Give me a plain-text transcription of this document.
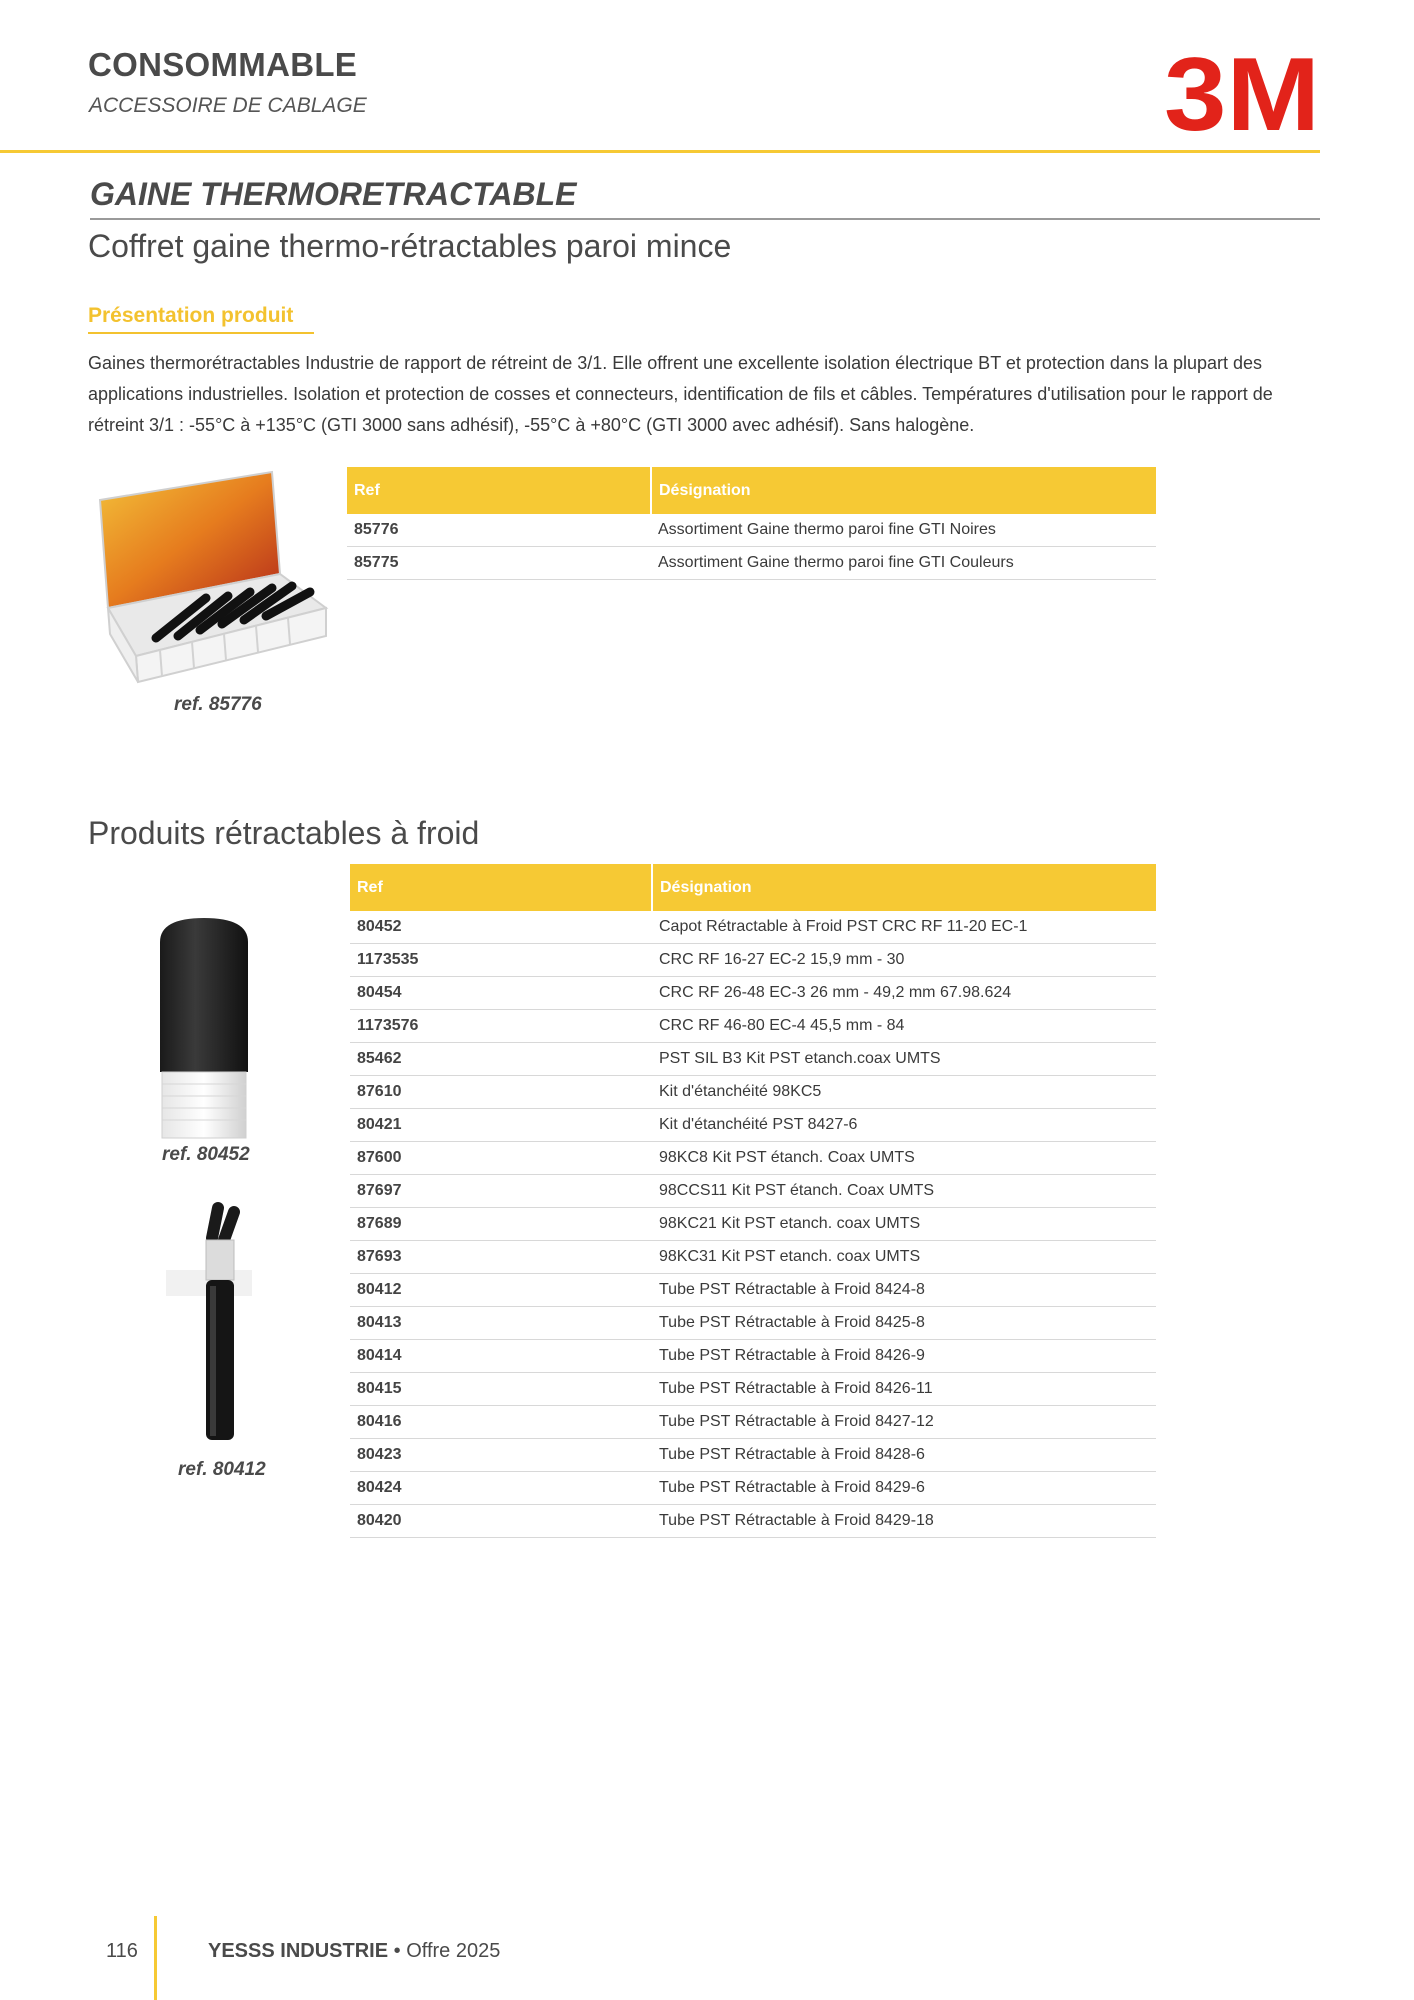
CONSOMMABLE
ACCESSOIRE DE CABLAGE	3M
GAINE THERMORETRACTABLE
Coffret gaine thermo-rétractables paroi mince
Présentation produit
Gaines thermorétractables Industrie de rapport de rétreint de 3/1. Elle offrent une excellente isolation électrique BT et protection dans la plupart des applications industrielles. Isolation et protection de cosses et connecteurs, identification de fils et câbles. Températures d'utilisation pour le rapport de rétreint 3/1 : -55°C à +135°C (GTI 3000 sans adhésif), -55°C à +80°C (GTI 3000 avec adhésif). Sans halogène.
ref. 85776
Ref	Désignation
85776	Assortiment Gaine thermo paroi fine GTI Noires
85775	Assortiment Gaine thermo paroi fine GTI Couleurs
Produits rétractables à froid
ref. 80452
ref. 80412
Ref	Désignation
80452	Capot Rétractable à Froid PST CRC RF 11-20 EC-1
1173535	CRC RF 16-27 EC-2 15,9 mm - 30
80454	CRC RF 26-48 EC-3 26 mm - 49,2 mm 67.98.624
1173576	CRC RF 46-80 EC-4 45,5 mm - 84
85462	PST SIL B3 Kit PST etanch.coax UMTS
87610	Kit d'étanchéité 98KC5
80421	Kit d'étanchéité PST 8427-6
87600	98KC8 Kit PST étanch. Coax UMTS
87697	98CCS11 Kit PST étanch. Coax UMTS
87689	98KC21 Kit PST etanch. coax UMTS
87693	98KC31 Kit PST etanch. coax UMTS
80412	Tube PST Rétractable à Froid 8424-8
80413	Tube PST Rétractable à Froid 8425-8
80414	Tube PST Rétractable à Froid 8426-9
80415	Tube PST Rétractable à Froid 8426-11
80416	Tube PST Rétractable à Froid 8427-12
80423	Tube PST Rétractable à Froid 8428-6
80424	Tube PST Rétractable à Froid 8429-6
80420	Tube PST Rétractable à Froid 8429-18
116	YESSS INDUSTRIE • Offre 2025
